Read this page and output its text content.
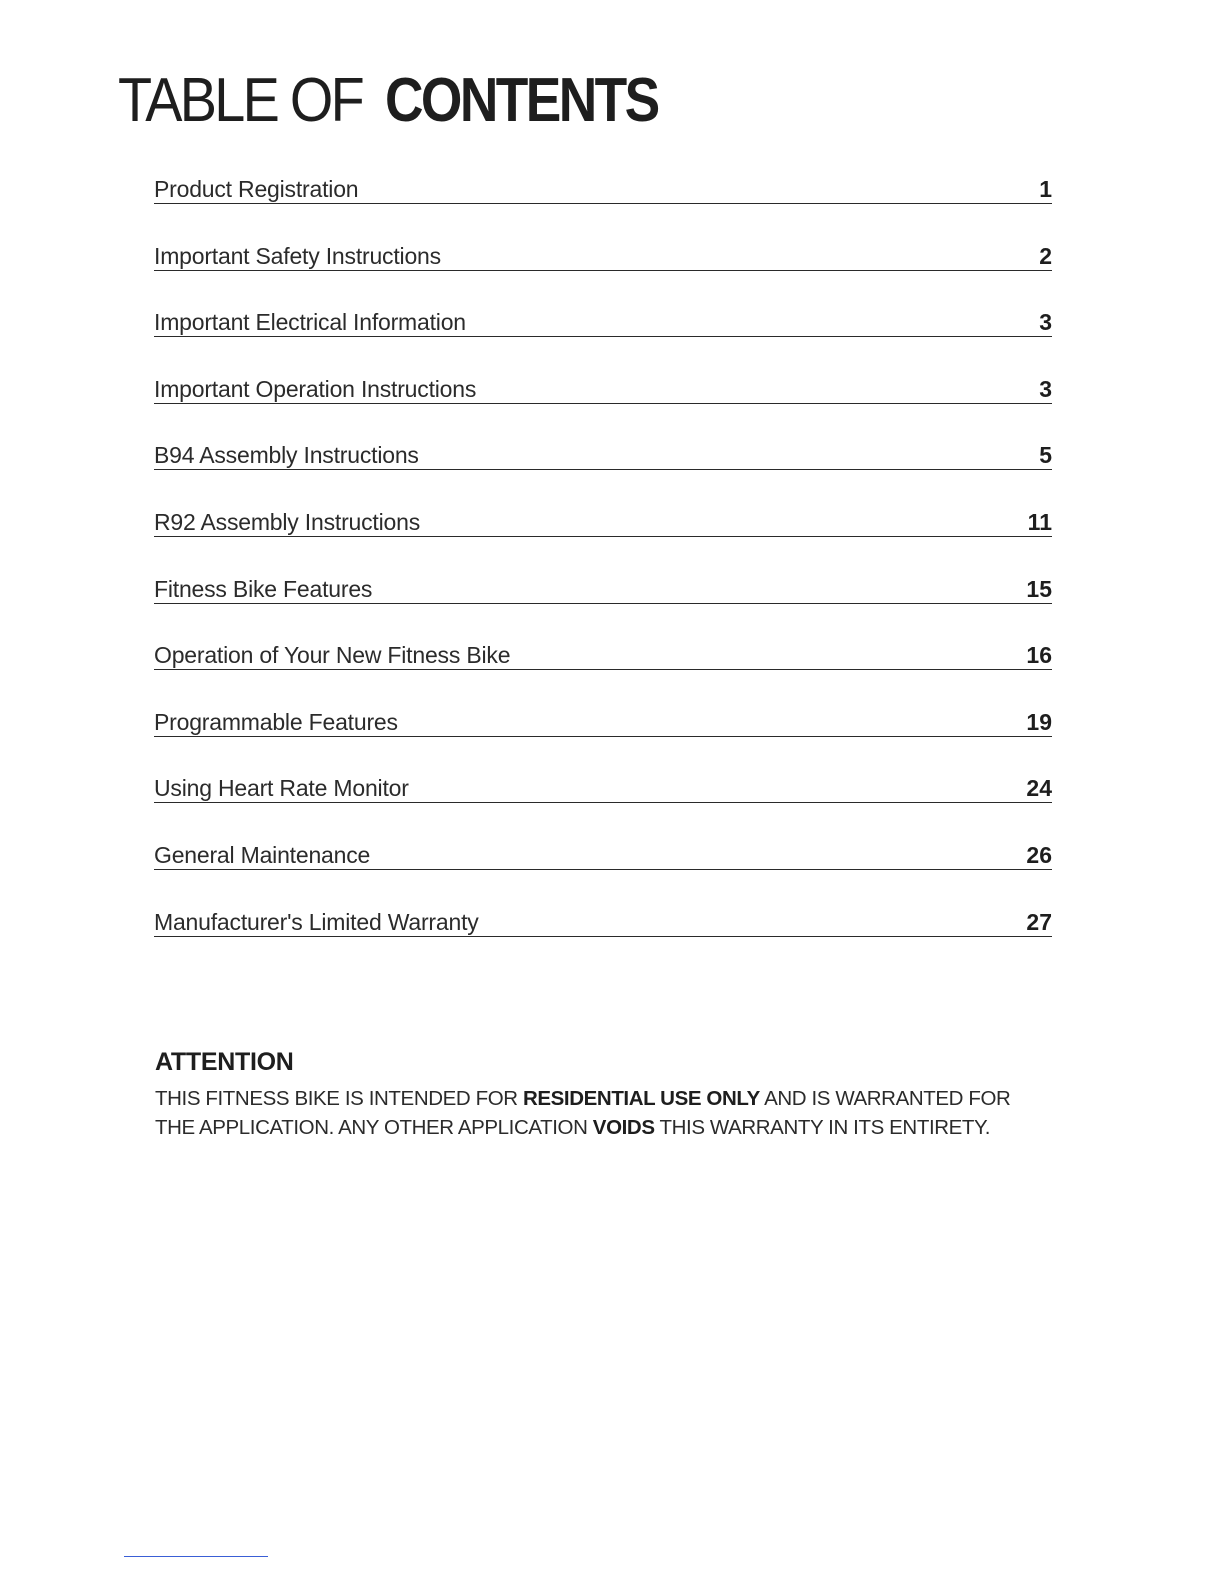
TABLE OF CONTENTS
Product Registration	1
Important Safety Instructions	2
Important Electrical Information	3
Important Operation Instructions	3
B94 Assembly Instructions	5
R92 Assembly Instructions	11
Fitness Bike Features	15
Operation of Your New Fitness Bike	16
Programmable Features	19
Using Heart Rate Monitor	24
General Maintenance	26
Manufacturer's Limited Warranty	27
ATTENTION

THIS FITNESS BIKE IS INTENDED FOR RESIDENTIAL USE ONLY AND IS WARRANTED FOR
THE APPLICATION. ANY OTHER APPLICATION VOIDS THIS WARRANTY IN ITS ENTIRETY.
